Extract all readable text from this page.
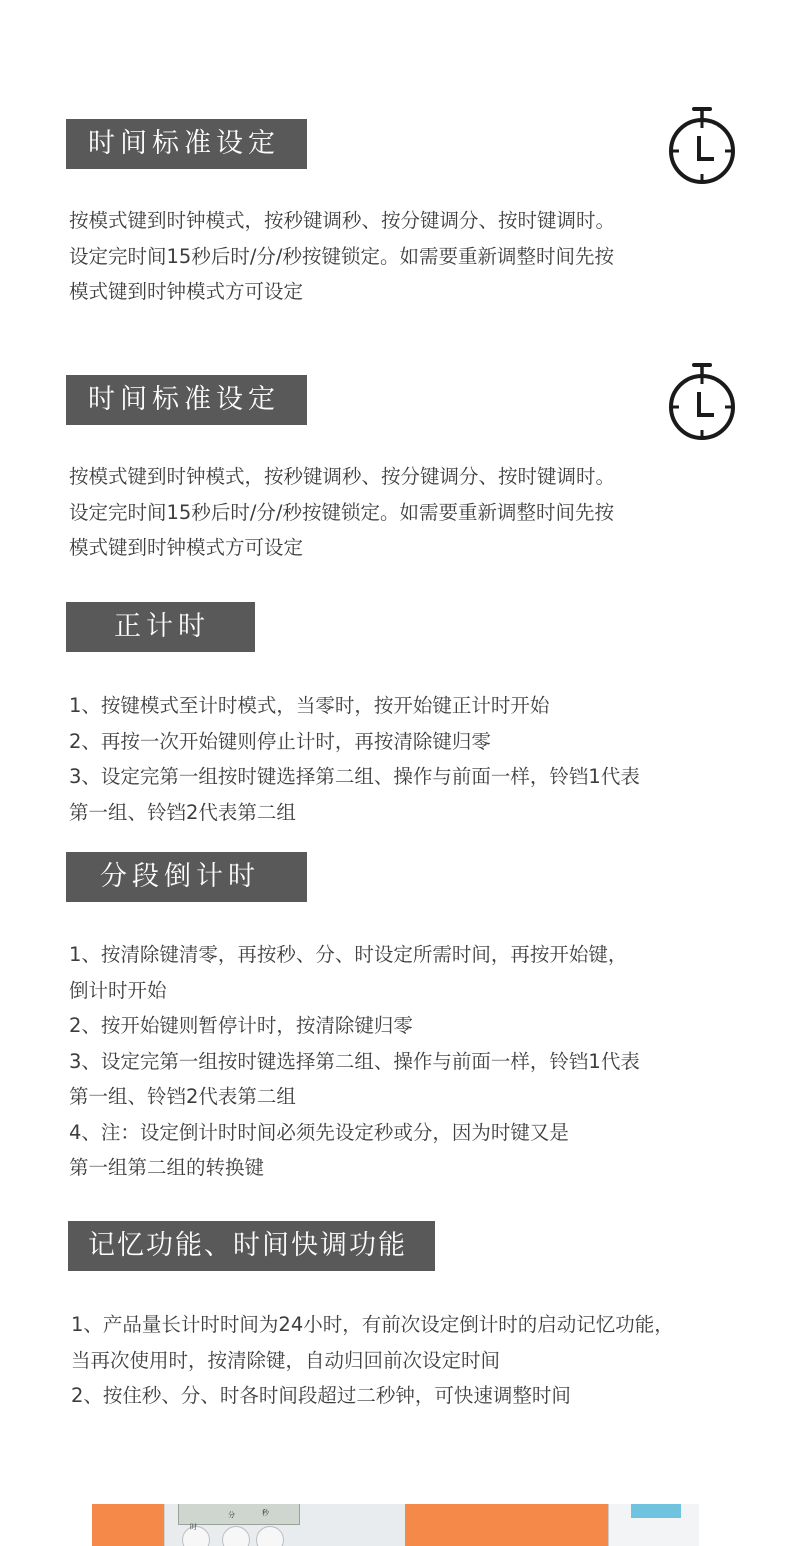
时间标准设定
按模式键到时钟模式，按秒键调秒、按分键调分、按时键调时。
设定完时间15秒后时/分/秒按键锁定。如需要重新调整时间先按
模式键到时钟模式方可设定
时间标准设定
按模式键到时钟模式，按秒键调秒、按分键调分、按时键调时。
设定完时间15秒后时/分/秒按键锁定。如需要重新调整时间先按
模式键到时钟模式方可设定
正计时
1、按键模式至计时模式，当零时，按开始键正计时开始
2、再按一次开始键则停止计时，再按清除键归零
3、设定完第一组按时键选择第二组、操作与前面一样，铃铛1代表
第一组、铃铛2代表第二组
分段倒计时
1、按清除键清零，再按秒、分、时设定所需时间，再按开始键，
倒计时开始
2、按开始键则暂停计时，按清除键归零
3、设定完第一组按时键选择第二组、操作与前面一样，铃铛1代表
第一组、铃铛2代表第二组
4、注：设定倒计时时间必须先设定秒或分，因为时键又是
第一组第二组的转换键
记忆功能、时间快调功能
1、产品量长计时时间为24小时，有前次设定倒计时的启动记忆功能，
当再次使用时，按清除键，自动归回前次设定时间
2、按住秒、分、时各时间段超过二秒钟，可快速调整时间
时
分	秒
